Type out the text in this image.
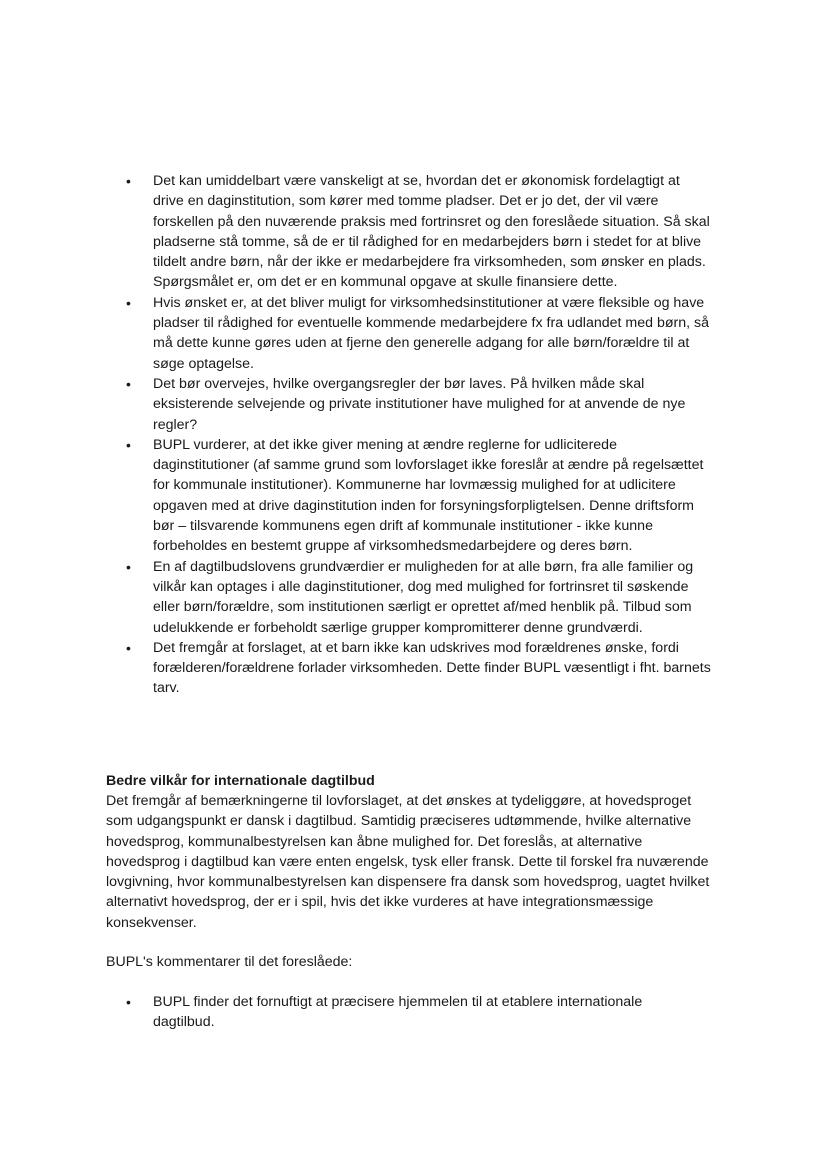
• Det kan umiddelbart være vanskeligt at se, hvordan det er økonomisk fordelagtigt at drive en daginstitution, som kører med tomme pladser. Det er jo det, der vil være forskellen på den nuværende praksis med fortrinsret og den foreslåede situation. Så skal pladserne stå tomme, så de er til rådighed for en medarbejders børn i stedet for at blive tildelt andre børn, når der ikke er medarbejdere fra virksomheden, som ønsker en plads. Spørgsmålet er, om det er en kommunal opgave at skulle finansiere dette.
• Hvis ønsket er, at det bliver muligt for virksomhedsinstitutioner at være fleksible og have pladser til rådighed for eventuelle kommende medarbejdere fx fra udlandet med børn, så må dette kunne gøres uden at fjerne den generelle adgang for alle børn/forældre til at søge optagelse.
• Det bør overvejes, hvilke overgangsregler der bør laves. På hvilken måde skal eksisterende selvejende og private institutioner have mulighed for at anvende de nye regler?
• BUPL vurderer, at det ikke giver mening at ændre reglerne for udliciterede daginstitutioner (af samme grund som lovforslaget ikke foreslår at ændre på regelsættet for kommunale institutioner). Kommunerne har lovmæssig mulighed for at udlicitere opgaven med at drive daginstitution inden for forsyningsforpligtelsen. Denne driftsform bør – tilsvarende kommunens egen drift af kommunale institutioner - ikke kunne forbeholdes en bestemt gruppe af virksomhedsmedarbejdere og deres børn.
• En af dagtilbudslovens grundværdier er muligheden for at alle børn, fra alle familier og vilkår kan optages i alle daginstitutioner, dog med mulighed for fortrinsret til søskende eller børn/forældre, som institutionen særligt er oprettet af/med henblik på. Tilbud som udelukkende er forbeholdt særlige grupper kompromitterer denne grundværdi.
• Det fremgår at forslaget, at et barn ikke kan udskrives mod forældrenes ønske, fordi forælderen/forældrene forlader virksomheden. Dette finder BUPL væsentligt i fht. barnets tarv.
Bedre vilkår for internationale dagtilbud

Det fremgår af bemærkningerne til lovforslaget, at det ønskes at tydeliggøre, at hovedsproget som udgangspunkt er dansk i dagtilbud. Samtidig præciseres udtømmende, hvilke alternative hovedsprog, kommunalbestyrelsen kan åbne mulighed for. Det foreslås, at alternative hovedsprog i dagtilbud kan være enten engelsk, tysk eller fransk. Dette til forskel fra nuværende lovgivning, hvor kommunalbestyrelsen kan dispensere fra dansk som hovedsprog, uagtet hvilket alternativt hovedsprog, der er i spil, hvis det ikke vurderes at have integrationsmæssige konsekvenser.

BUPL's kommentarer til det foreslåede:

• BUPL finder det fornuftigt at præcisere hjemmelen til at etablere internationale dagtilbud.
